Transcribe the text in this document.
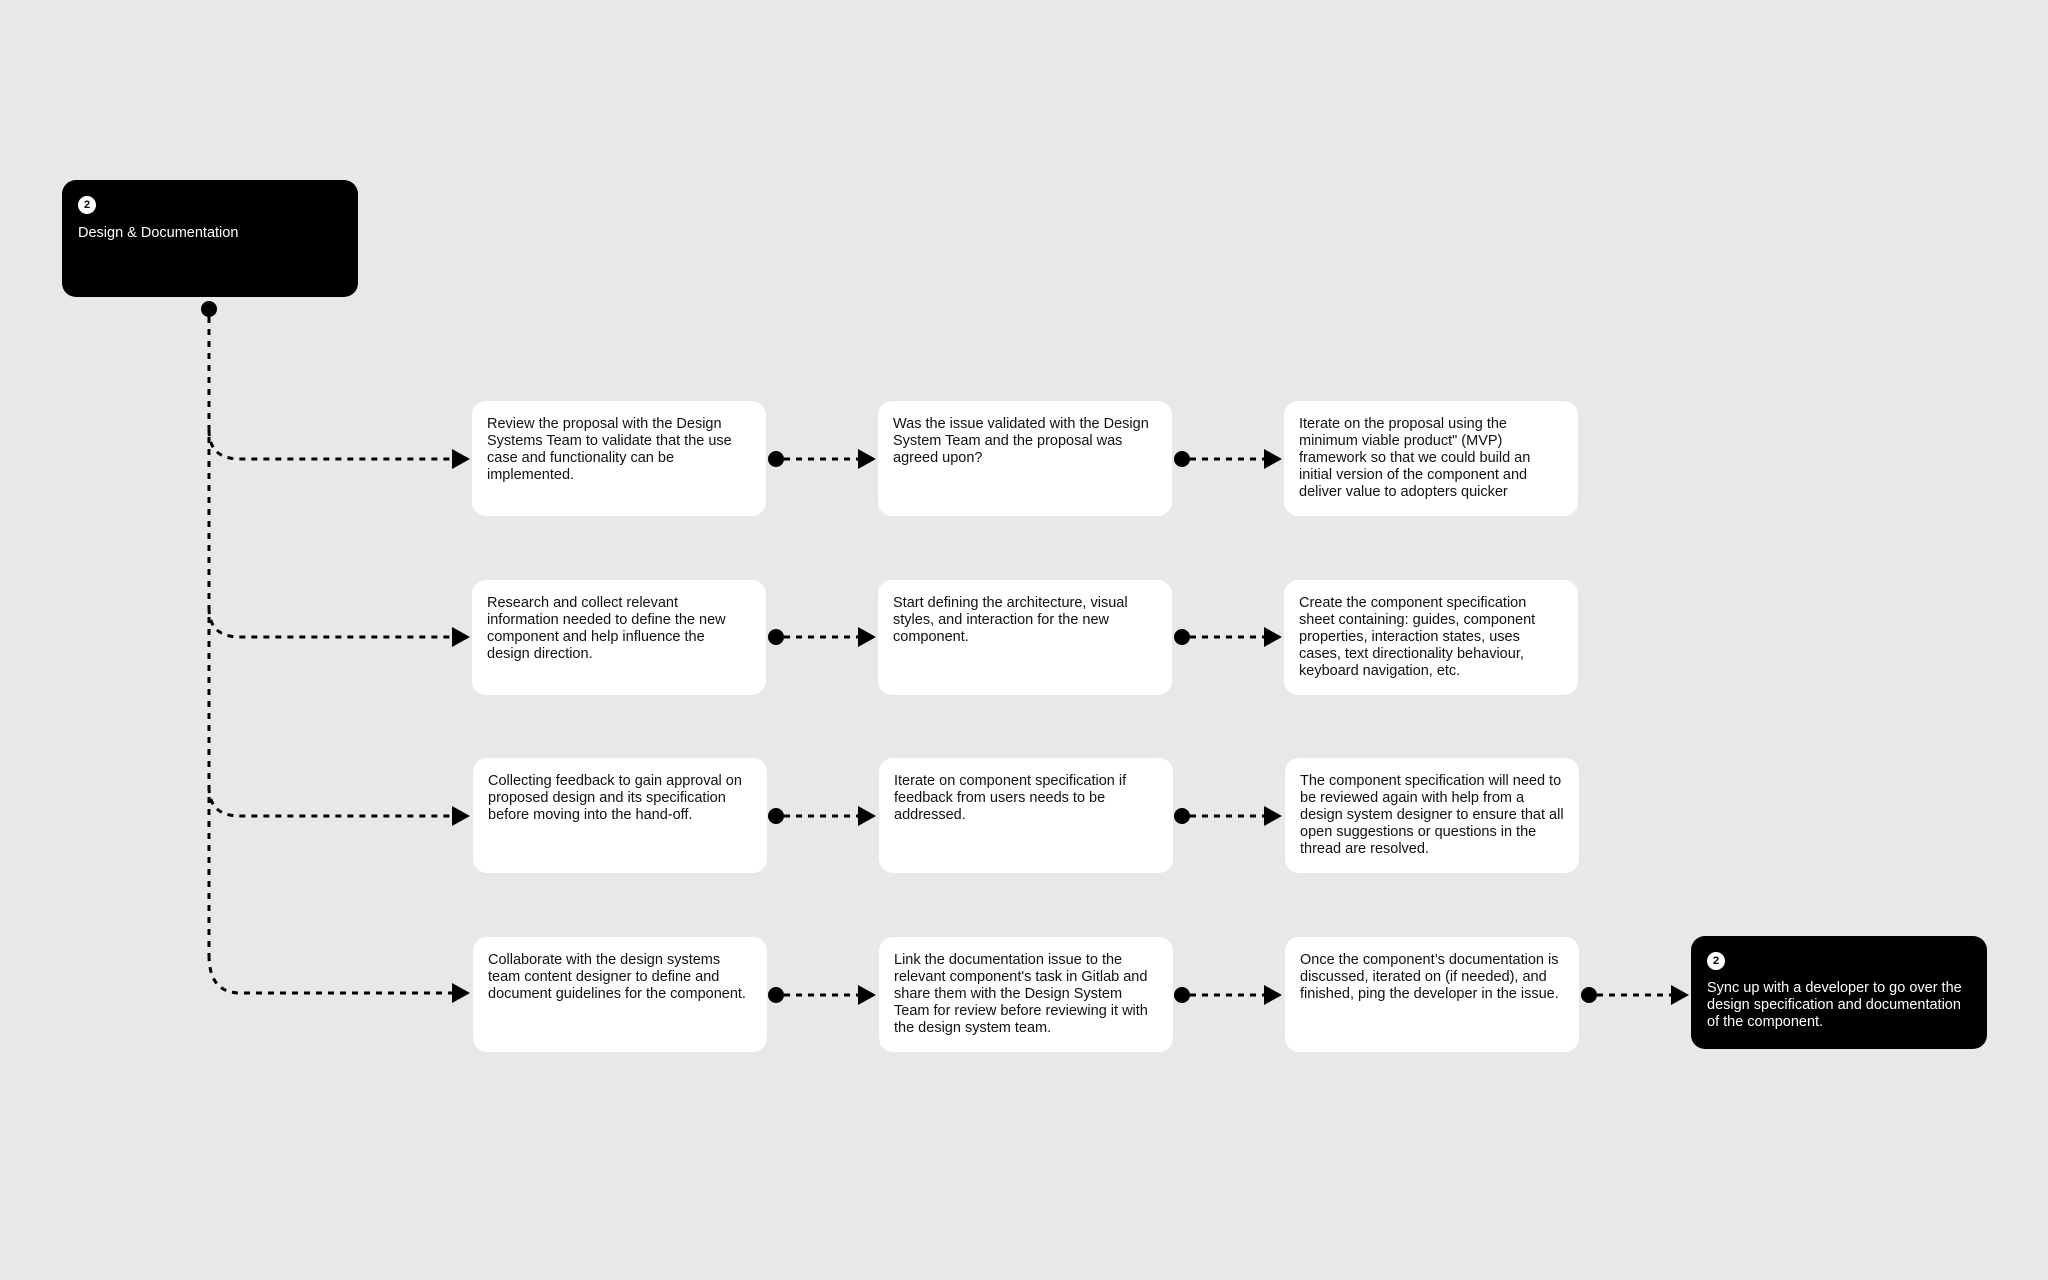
2
Design & Documentation
Review the proposal with the Design Systems Team to validate that the use case and functionality can be implemented.
Was the issue validated with the Design System Team and the proposal was agreed upon?
Iterate on the proposal using the minimum viable product" (MVP) framework so that we could build an initial version of the component and deliver value to adopters quicker
Research and collect relevant information needed to define the new component and help influence the design direction.
Start defining the architecture, visual styles, and interaction for the new component.
Create the component specification sheet containing: guides, component properties, interaction states, uses cases, text directionality behaviour, keyboard navigation, etc.
Collecting feedback to gain approval on proposed design and its specification before moving into the hand-off.
Iterate on component specification if feedback from users needs to be addressed.
The component specification will need to be reviewed again with help from a design system designer to ensure that all open suggestions or questions in the thread are resolved.
Collaborate with the design systems team content designer to define and document guidelines for the component.
Link the documentation issue to the relevant component's task in Gitlab and share them with the Design System Team for review before reviewing it with the design system team.
Once the component’s documentation is discussed, iterated on (if needed), and finished, ping the developer in the issue.
2
Sync up with a developer to go over the design specification and documentation of the component.
